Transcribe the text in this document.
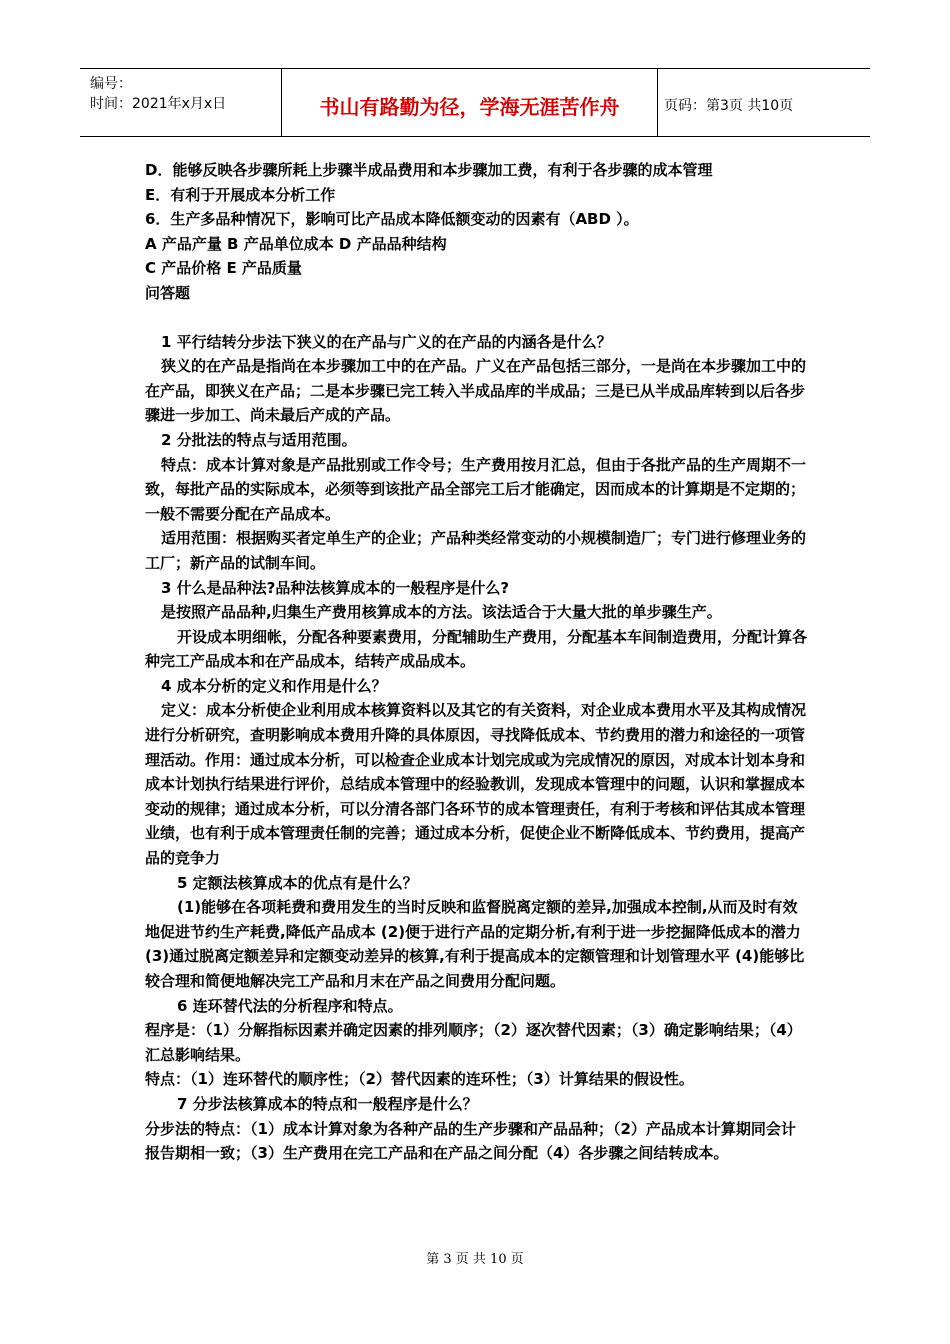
编号：
时间：2021年x月x日	书山有路勤为径，学海无涯苦作舟	页码：第3页 共10页

D．能够反映各步骤所耗上步骤半成品费用和本步骤加工费，有利于各步骤的成本管理

E．有利于开展成本分析工作

6．生产多品种情况下，影响可比产品成本降低额变动的因素有（ABD ）。

A 产品产量 B 产品单位成本 D 产品品种结构

C 产品价格 E 产品质量

问答题

1 平行结转分步法下狭义的在产品与广义的在产品的内涵各是什么？

狭义的在产品是指尚在本步骤加工中的在产品。广义在产品包括三部分，一是尚在本步骤加工中的在产品，即狭义在产品；二是本步骤已完工转入半成品库的半成品；三是已从半成品库转到以后各步骤进一步加工、尚未最后产成的产品。

2 分批法的特点与适用范围。

特点：成本计算对象是产品批别或工作令号；生产费用按月汇总，但由于各批产品的生产周期不一致，每批产品的实际成本，必须等到该批产品全部完工后才能确定，因而成本的计算期是不定期的；一般不需要分配在产品成本。

适用范围：根据购买者定单生产的企业；产品种类经常变动的小规模制造厂；专门进行修理业务的工厂；新产品的试制车间。

3 什么是品种法?品种法核算成本的一般程序是什么?

是按照产品品种,归集生产费用核算成本的方法。该法适合于大量大批的单步骤生产。

开设成本明细帐，分配各种要素费用，分配辅助生产费用，分配基本车间制造费用，分配计算各种完工产品成本和在产品成本，结转产成品成本。

4 成本分析的定义和作用是什么？

定义：成本分析使企业利用成本核算资料以及其它的有关资料，对企业成本费用水平及其构成情况进行分析研究，查明影响成本费用升降的具体原因，寻找降低成本、节约费用的潜力和途径的一项管理活动。作用：通过成本分析，可以检查企业成本计划完成或为完成情况的原因，对成本计划本身和成本计划执行结果进行评价，总结成本管理中的经验教训，发现成本管理中的问题，认识和掌握成本变动的规律；通过成本分析，可以分清各部门各环节的成本管理责任，有利于考核和评估其成本管理业绩，也有利于成本管理责任制的完善；通过成本分析，促使企业不断降低成本、节约费用，提高产品的竞争力

5 定额法核算成本的优点有是什么？

(1)能够在各项耗费和费用发生的当时反映和监督脱离定额的差异,加强成本控制,从而及时有效地促进节约生产耗费,降低产品成本 (2)便于进行产品的定期分析,有利于进一步挖掘降低成本的潜力 (3)通过脱离定额差异和定额变动差异的核算,有利于提高成本的定额管理和计划管理水平 (4)能够比较合理和简便地解决完工产品和月末在产品之间费用分配问题。

6 连环替代法的分析程序和特点。

程序是：（1）分解指标因素并确定因素的排列顺序；（2）逐次替代因素；（3）确定影响结果；（4）汇总影响结果。

特点：（1）连环替代的顺序性；（2）替代因素的连环性；（3）计算结果的假设性。

7 分步法核算成本的特点和一般程序是什么？

分步法的特点：（1）成本计算对象为各种产品的生产步骤和产品品种；（2）产品成本计算期同会计报告期相一致；（3）生产费用在完工产品和在产品之间分配（4）各步骤之间结转成本。

第 3 页 共 10 页
